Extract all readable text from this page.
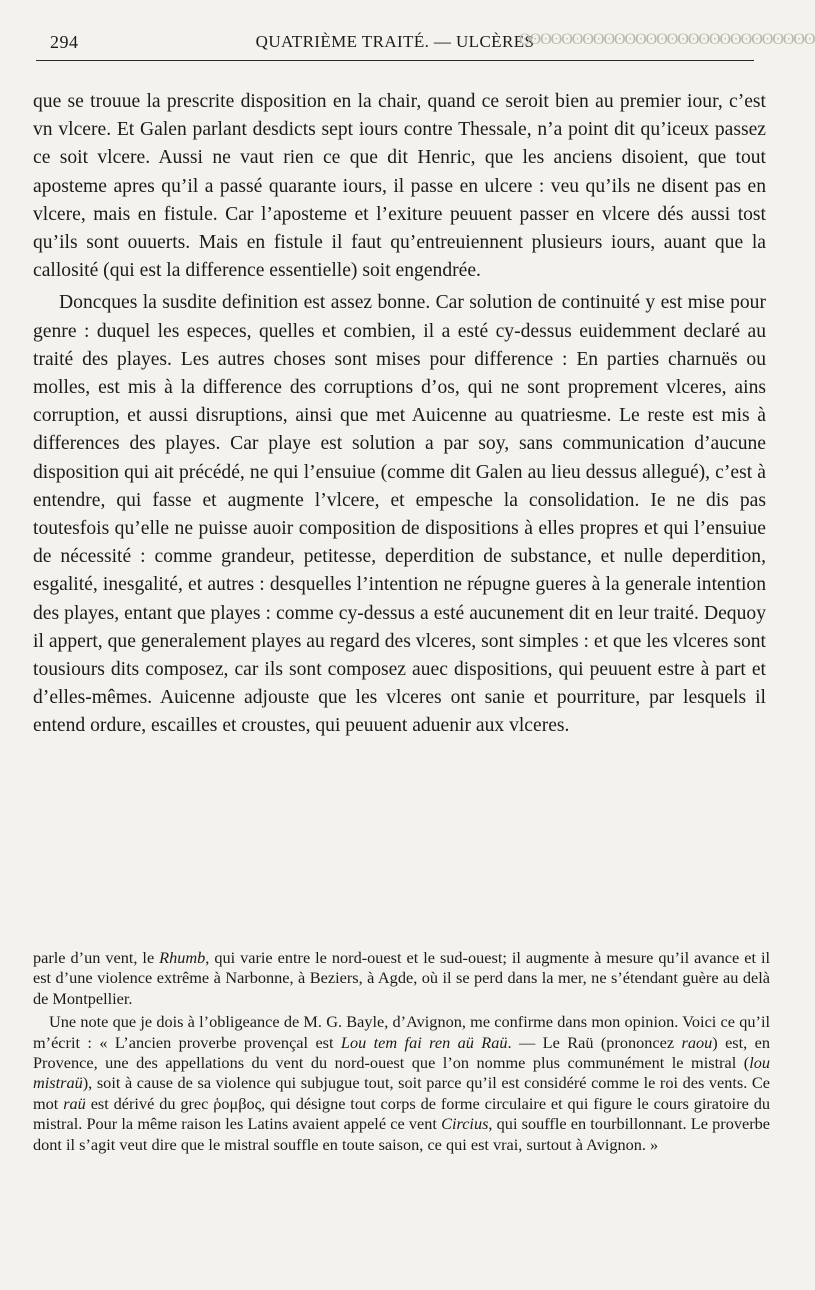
294	QUATRIÈME TRAITÉ. — ULCÈRES
ʘʘʘʘʘʘʘʘʘʘʘʘʘʘʘʘʘʘʘʘʘʘʘʘʘʘʘʘ

que se trouue la prescrite disposition en la chair, quand ce seroit bien au premier iour, c’est vn vlcere. Et Galen parlant desdicts sept iours contre Thessale, n’a point dit qu’iceux passez ce soit vlcere. Aussi ne vaut rien ce que dit Henric, que les anciens disoient, que tout aposteme apres qu’il a passé quarante iours, il passe en ulcere : veu qu’ils ne disent pas en vlcere, mais en fistule. Car l’aposteme et l’exiture peuuent passer en vlcere dés aussi tost qu’ils sont ouuerts. Mais en fistule il faut qu’entreuiennent plusieurs iours, auant que la callosité (qui est la difference essentielle) soit engendrée.

Doncques la susdite definition est assez bonne. Car solution de continuité y est mise pour genre : duquel les especes, quelles et combien, il a esté cy-dessus euidemment declaré au traité des playes. Les autres choses sont mises pour difference : En parties charnuës ou molles, est mis à la difference des corruptions d’os, qui ne sont proprement vlceres, ains corruption, et aussi disruptions, ainsi que met Auicenne au quatriesme. Le reste est mis à differences des playes. Car playe est solution a par soy, sans communication d’aucune disposition qui ait précédé, ne qui l’ensuiue (comme dit Galen au lieu dessus allegué), c’est à entendre, qui fasse et augmente l’vlcere, et empesche la consolidation. Ie ne dis pas toutesfois qu’elle ne puisse auoir composition de dispositions à elles propres et qui l’ensuiue de nécessité : comme grandeur, petitesse, deperdition de substance, et nulle deperdition, esgalité, inesgalité, et autres : desquelles l’intention ne répugne gueres à la generale intention des playes, entant que playes : comme cy-dessus a esté aucunement dit en leur traité. Dequoy il appert, que generalement playes au regard des vlceres, sont simples : et que les vlceres sont tousiours dits composez, car ils sont composez auec dispositions, qui peuuent estre à part et d’elles-mêmes. Auicenne adjouste que les vlceres ont sanie et pourriture, par lesquels il entend ordure, escailles et croustes, qui peuuent aduenir aux vlceres.

parle d’un vent, le Rhumb, qui varie entre le nord-ouest et le sud-ouest; il augmente à mesure qu’il avance et il est d’une violence extrême à Narbonne, à Beziers, à Agde, où il se perd dans la mer, ne s’étendant guère au delà de Montpellier.

Une note que je dois à l’obligeance de M. G. Bayle, d’Avignon, me confirme dans mon opinion. Voici ce qu’il m’écrit : « L’ancien proverbe provençal est Lou tem fai ren aü Raü. — Le Raü (prononcez raou) est, en Provence, une des appellations du vent du nord-ouest que l’on nomme plus communément le mistral (lou mistraü), soit à cause de sa violence qui subjugue tout, soit parce qu’il est considéré comme le roi des vents. Ce mot raü est dérivé du grec ῥομβος, qui désigne tout corps de forme circulaire et qui figure le cours giratoire du mistral. Pour la même raison les Latins avaient appelé ce vent Circius, qui souffle en tourbillonnant. Le proverbe dont il s’agit veut dire que le mistral souffle en toute saison, ce qui est vrai, surtout à Avignon. »
